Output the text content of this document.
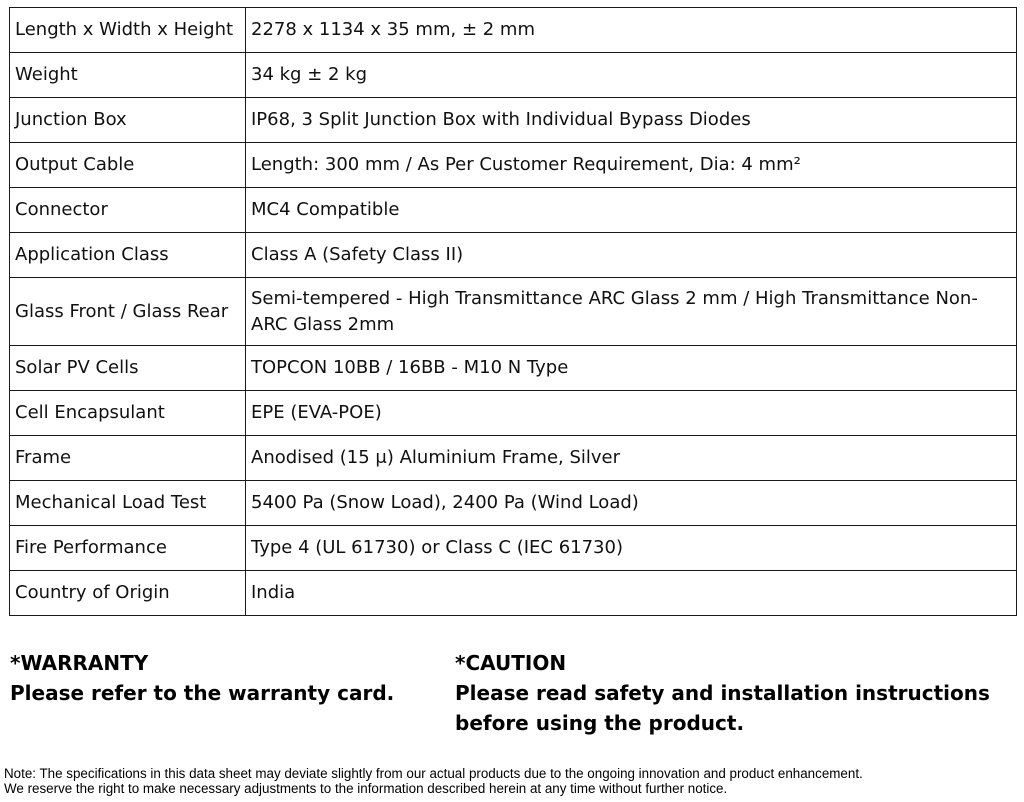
Length x Width x Height	2278 x 1134 x 35 mm, ± 2 mm
Weight	34 kg ± 2 kg
Junction Box	IP68, 3 Split Junction Box with Individual Bypass Diodes
Output Cable	Length: 300 mm / As Per Customer Requirement, Dia: 4 mm²
Connector	MC4 Compatible
Application Class	Class A (Safety Class II)
Glass Front / Glass Rear	Semi-tempered - High Transmittance ARC Glass 2 mm / High Transmittance Non-ARC Glass 2mm
Solar PV Cells	TOPCON 10BB / 16BB - M10 N Type
Cell Encapsulant	EPE (EVA-POE)
Frame	Anodised (15 μ) Aluminium Frame, Silver
Mechanical Load Test	5400 Pa (Snow Load), 2400 Pa (Wind Load)
Fire Performance	Type 4 (UL 61730) or Class C (IEC 61730)
Country of Origin	India
*WARRANTY
Please refer to the warranty card.
*CAUTION
Please read safety and installation instructions before using the product.
Note: The specifications in this data sheet may deviate slightly from our actual products due to the ongoing innovation and product enhancement.
We reserve the right to make necessary adjustments to the information described herein at any time without further notice.
